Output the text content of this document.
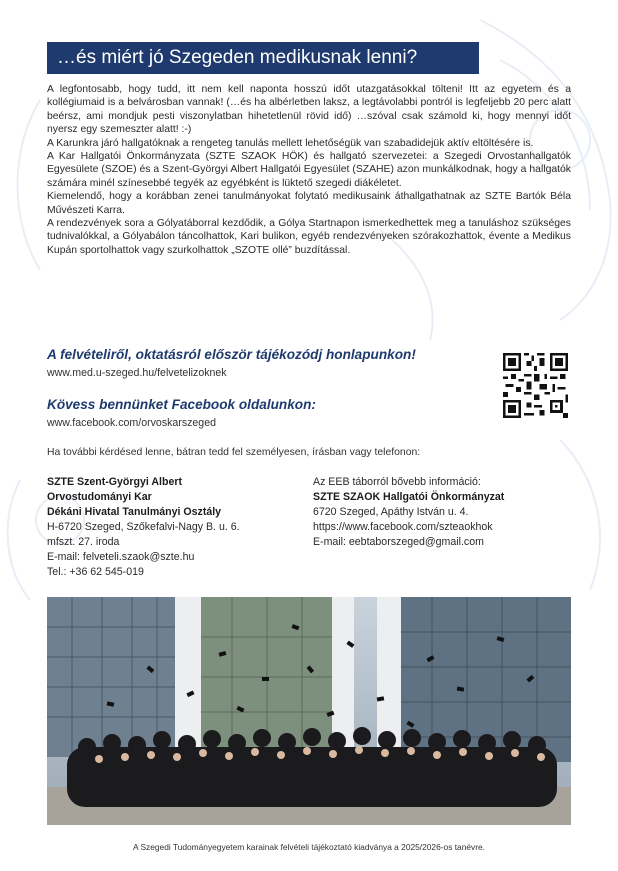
…és miért jó Szegeden medikusnak lenni?

A legfontosabb, hogy tudd, itt nem kell naponta hosszú időt utazgatásokkal tölteni! Itt az egyetem és a kollégiumaid is a belvárosban vannak! (…és ha albérletben laksz, a legtávolabbi pontról is legfeljebb 20 perc alatt beérsz, ami mondjuk pesti viszonylatban hihetetlenül rövid idő) …szóval csak számold ki, hogy mennyi időt nyersz egy szemeszter alatt! :-)

A Karunkra járó hallgatóknak a rengeteg tanulás mellett lehetőségük van szabadidejük aktív eltöltésére is.

A Kar Hallgatói Önkormányzata (SZTE SZAOK HÖK) és hallgató szervezetei: a Szegedi Orvostanhallgatók Egyesülete (SZOE) és a Szent-Györgyi Albert Hallgatói Egyesület (SZAHE) azon munkálkodnak, hogy a hallgatók számára minél színesebbé tegyék az egyébként is lüktető szegedi diákéletet.

Kiemelendő, hogy a korábban zenei tanulmányokat folytató medikusaink áthallgathatnak az SZTE Bartók Béla Művészeti Karra.

A rendezvények sora a Gólyatáborral kezdődik, a Gólya Startnapon ismerkedhettek meg a tanuláshoz szükséges tudnivalókkal, a Gólyabálon táncolhattok, Kari bulikon, egyéb rendezvényeken szórakozhattok, évente a Medikus Kupán sportolhattok vagy szurkolhattok „SZOTE ollé” buzdítással.

A felvételiről, oktatásról először tájékozódj honlapunkon!
www.med.u-szeged.hu/felvetelizoknek
Kövess bennünket Facebook oldalunkon:
www.facebook.com/orvoskarszeged
Ha további kérdésed lenne, bátran tedd fel személyesen, írásban vagy telefonon:
SZTE Szent-Györgyi Albert
Orvostudományi Kar
Dékáni Hivatal Tanulmányi Osztály
H-6720 Szeged, Szőkefalvi-Nagy B. u. 6.
mfszt. 27. iroda
E-mail: felveteli.szaok@szte.hu
Tel.: +36 62 545-019
Az EEB táborról bővebb információ:
SZTE SZAOK Hallgatói Önkormányzat
6720 Szeged, Apáthy István u. 4.
https://www.facebook.com/szteaokhok
E-mail: eebtaborszeged@gmail.com
A Szegedi Tudományegyetem karainak felvételi tájékoztató kiadványa a 2025/2026-os tanévre.
